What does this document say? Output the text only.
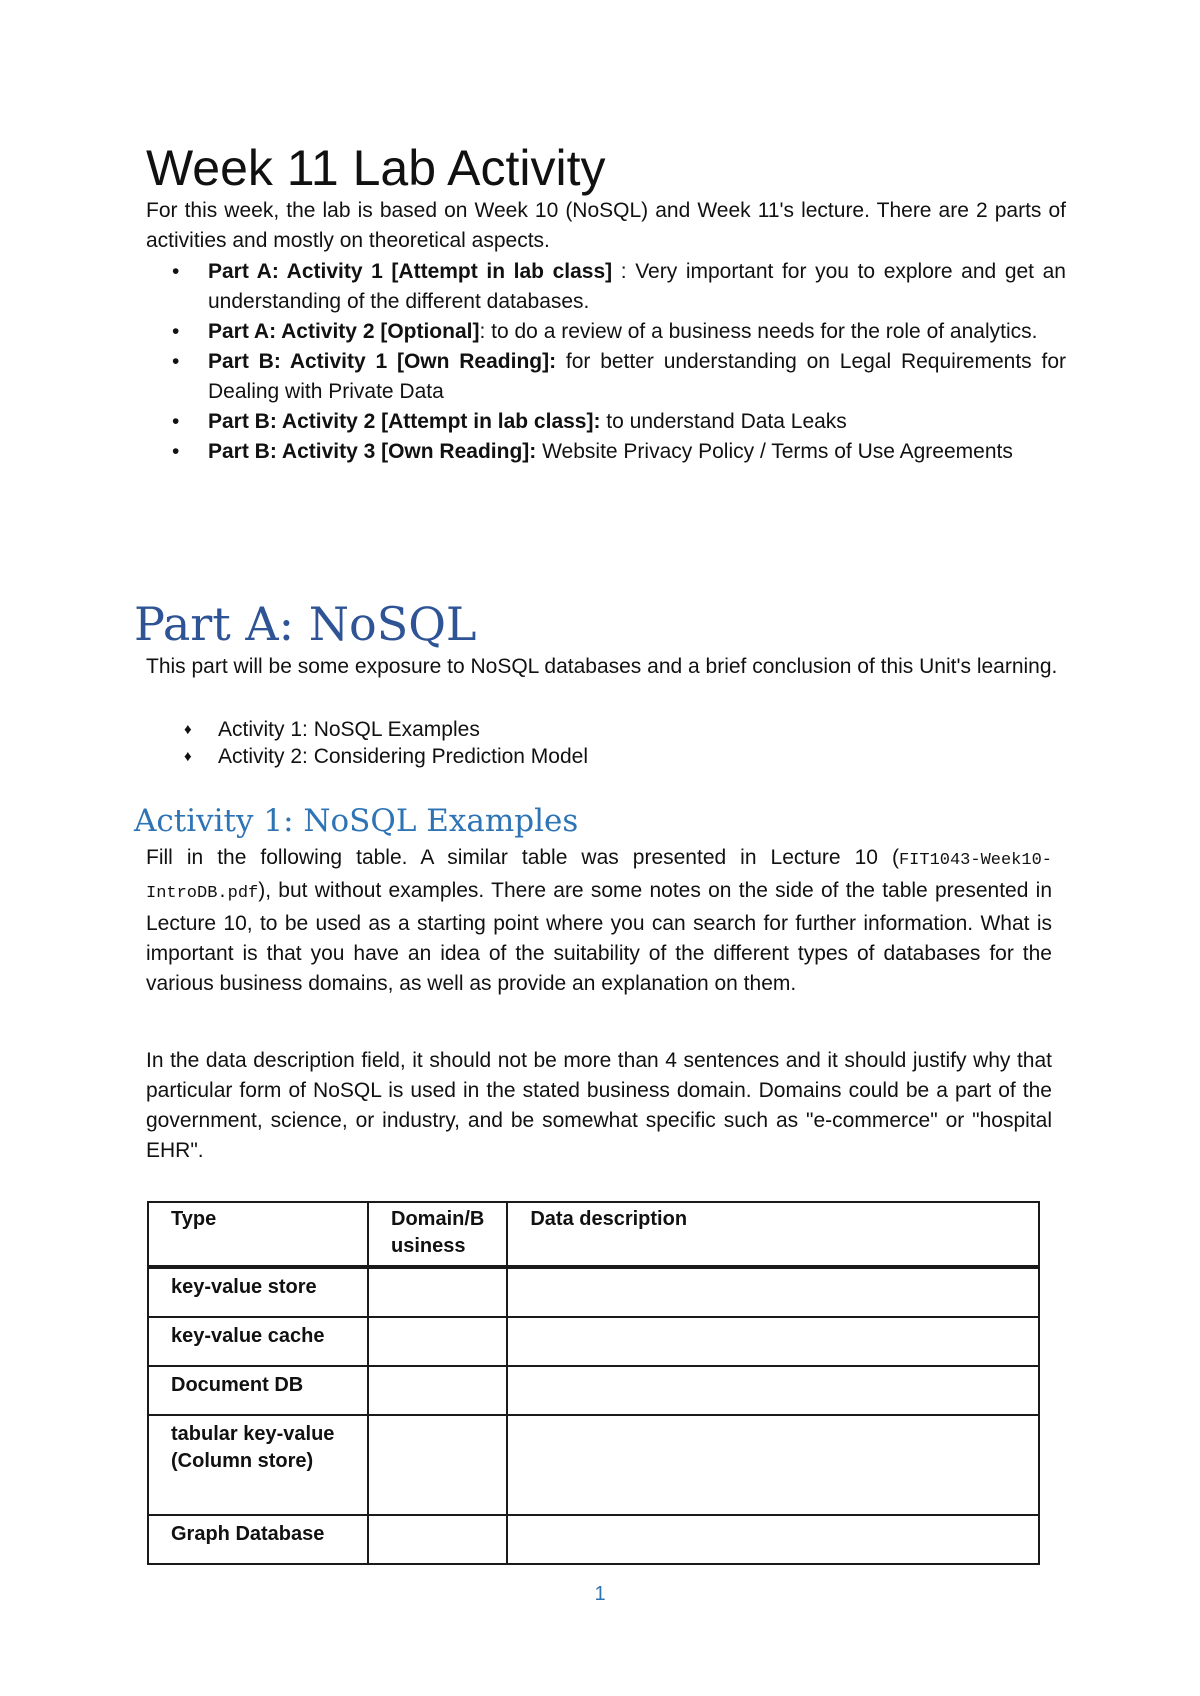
Week 11 Lab Activity

For this week, the lab is based on Week 10 (NoSQL) and Week 11's lecture. There are 2 parts of activities and mostly on theoretical aspects.

• Part A: Activity 1 [Attempt in lab class] : Very important for you to explore and get an understanding of the different databases.
• Part A: Activity 2 [Optional]: to do a review of a business needs for the role of analytics.
• Part B: Activity 1 [Own Reading]: for better understanding on Legal Requirements for Dealing with Private Data
• Part B: Activity 2 [Attempt in lab class]: to understand Data Leaks
• Part B: Activity 3 [Own Reading]: Website Privacy Policy / Terms of Use Agreements
Part A: NoSQL

This part will be some exposure to NoSQL databases and a brief conclusion of this Unit's learning.

♦ Activity 1: NoSQL Examples
♦ Activity 2: Considering Prediction Model
Activity 1: NoSQL Examples

Fill in the following table. A similar table was presented in Lecture 10 (FIT1043-Week10-IntroDB.pdf), but without examples. There are some notes on the side of the table presented in Lecture 10, to be used as a starting point where you can search for further information. What is important is that you have an idea of the suitability of the different types of databases for the various business domains, as well as provide an explanation on them.

In the data description field, it should not be more than 4 sentences and it should justify why that particular form of NoSQL is used in the stated business domain. Domains could be a part of the government, science, or industry, and be somewhat specific such as "e-commerce" or "hospital EHR".

Type	Domain/B usiness	Data description
key-value store		
key-value cache		
Document DB		
tabular key-value (Column store)		
Graph Database		
1
